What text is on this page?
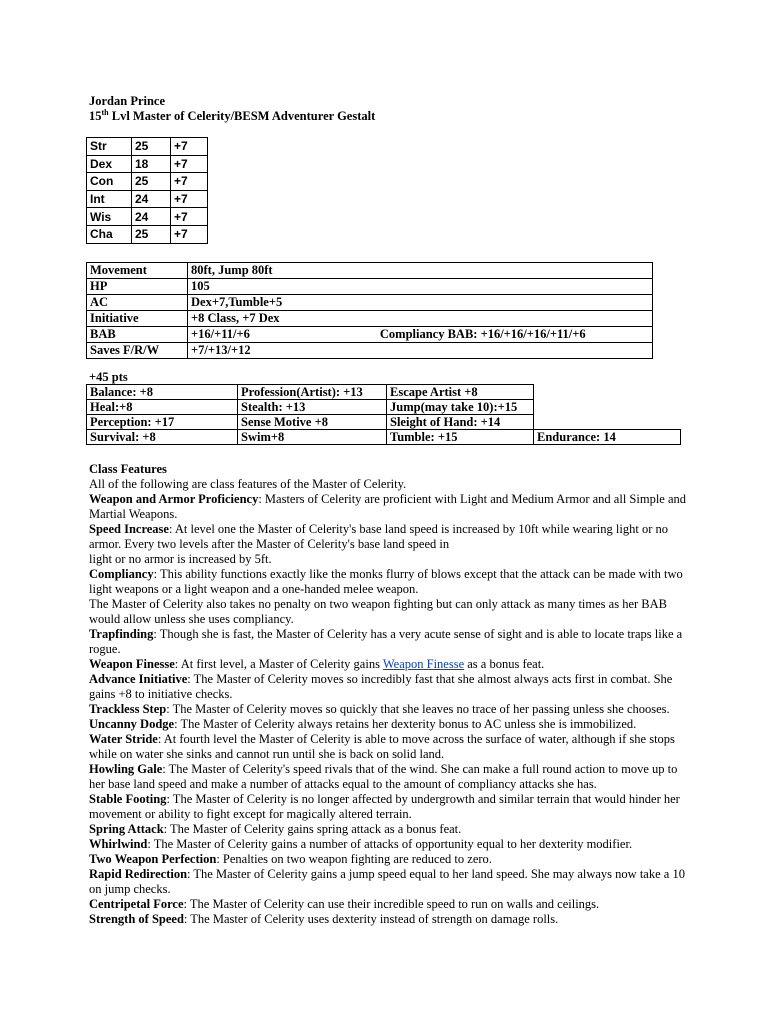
Jordan Prince
15th Lvl Master of Celerity/BESM Adventurer Gestalt
Str	25	+7
Dex	18	+7
Con	25	+7
Int	24	+7
Wis	24	+7
Cha	25	+7
Movement	80ft, Jump 80ft
HP	105
AC	Dex+7,Tumble+5
Initiative	+8 Class, +7 Dex
BAB	+16/+11/+6 Compliancy BAB: +16/+16/+16/+11/+6
Saves F/R/W	+7/+13/+12
+45 pts
Balance: +8	Profession(Artist): +13	Escape Artist +8	
Heal:+8	Stealth: +13	Jump(may take 10):+15	
Perception: +17	Sense Motive +8	Sleight of Hand: +14	
Survival: +8	Swim+8	Tumble: +15	Endurance: 14

Class Features

All of the following are class features of the Master of Celerity.

Weapon and Armor Proficiency: Masters of Celerity are proficient with Light and Medium Armor and all Simple and Martial Weapons.

Speed Increase: At level one the Master of Celerity's base land speed is increased by 10ft while wearing light or no armor. Every two levels after the Master of Celerity's base land speed in

light or no armor is increased by 5ft.

Compliancy: This ability functions exactly like the monks flurry of blows except that the attack can be made with two light weapons or a light weapon and a one-handed melee weapon.

The Master of Celerity also takes no penalty on two weapon fighting but can only attack as many times as her BAB would allow unless she uses compliancy.

Trapfinding: Though she is fast, the Master of Celerity has a very acute sense of sight and is able to locate traps like a rogue.

Weapon Finesse: At first level, a Master of Celerity gains Weapon Finesse as a bonus feat.

Advance Initiative: The Master of Celerity moves so incredibly fast that she almost always acts first in combat. She gains +8 to initiative checks.

Trackless Step: The Master of Celerity moves so quickly that she leaves no trace of her passing unless she chooses.

Uncanny Dodge: The Master of Celerity always retains her dexterity bonus to AC unless she is immobilized.

Water Stride: At fourth level the Master of Celerity is able to move across the surface of water, although if she stops while on water she sinks and cannot run until she is back on solid land.

Howling Gale: The Master of Celerity's speed rivals that of the wind. She can make a full round action to move up to her base land speed and make a number of attacks equal to the amount of compliancy attacks she has.

Stable Footing: The Master of Celerity is no longer affected by undergrowth and similar terrain that would hinder her movement or ability to fight except for magically altered terrain.

Spring Attack: The Master of Celerity gains spring attack as a bonus feat.

Whirlwind: The Master of Celerity gains a number of attacks of opportunity equal to her dexterity modifier.

Two Weapon Perfection: Penalties on two weapon fighting are reduced to zero.

Rapid Redirection: The Master of Celerity gains a jump speed equal to her land speed. She may always now take a 10 on jump checks.

Centripetal Force: The Master of Celerity can use their incredible speed to run on walls and ceilings.

Strength of Speed: The Master of Celerity uses dexterity instead of strength on damage rolls.
